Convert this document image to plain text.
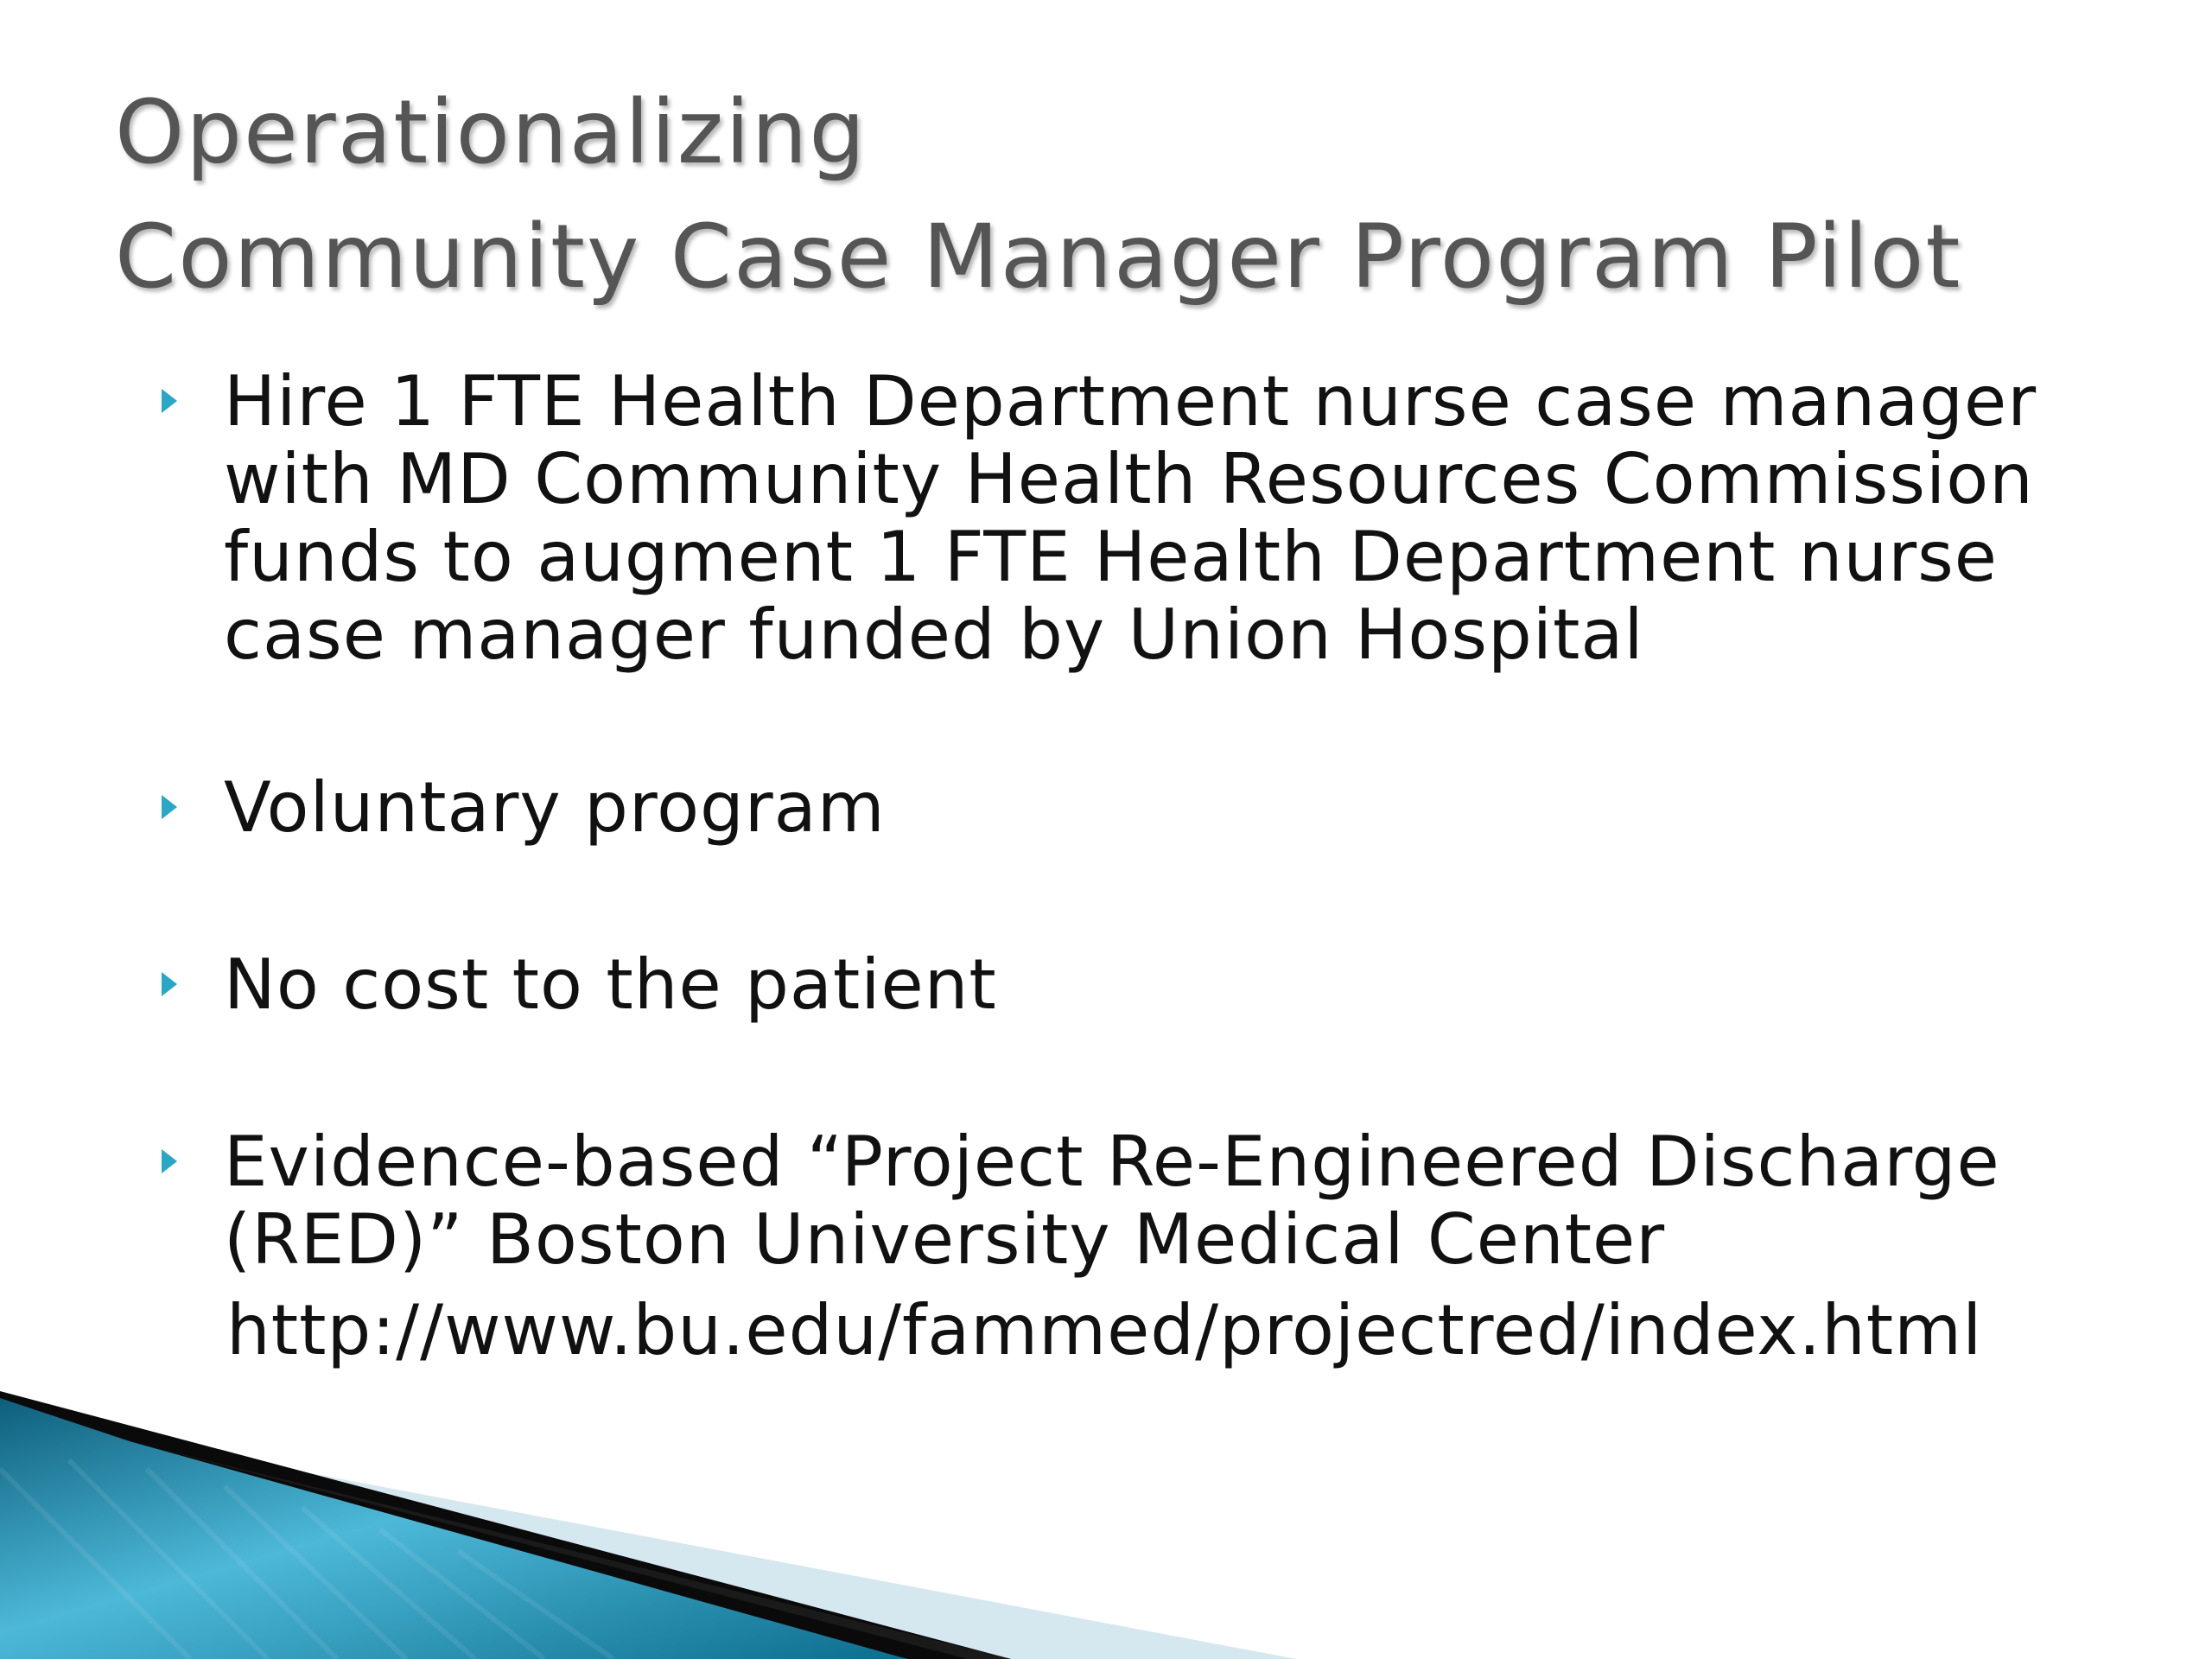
Operationalizing
Community Case Manager Program Pilot
Hire 1 FTE Health Department nurse case manager
with MD Community Health Resources Commission
funds to augment 1 FTE Health Department nurse
case manager funded by Union Hospital
Voluntary program
No cost to the patient
Evidence-based “Project Re-Engineered Discharge
(RED)” Boston University Medical Center
http://www.bu.edu/fammed/projectred/index.html
